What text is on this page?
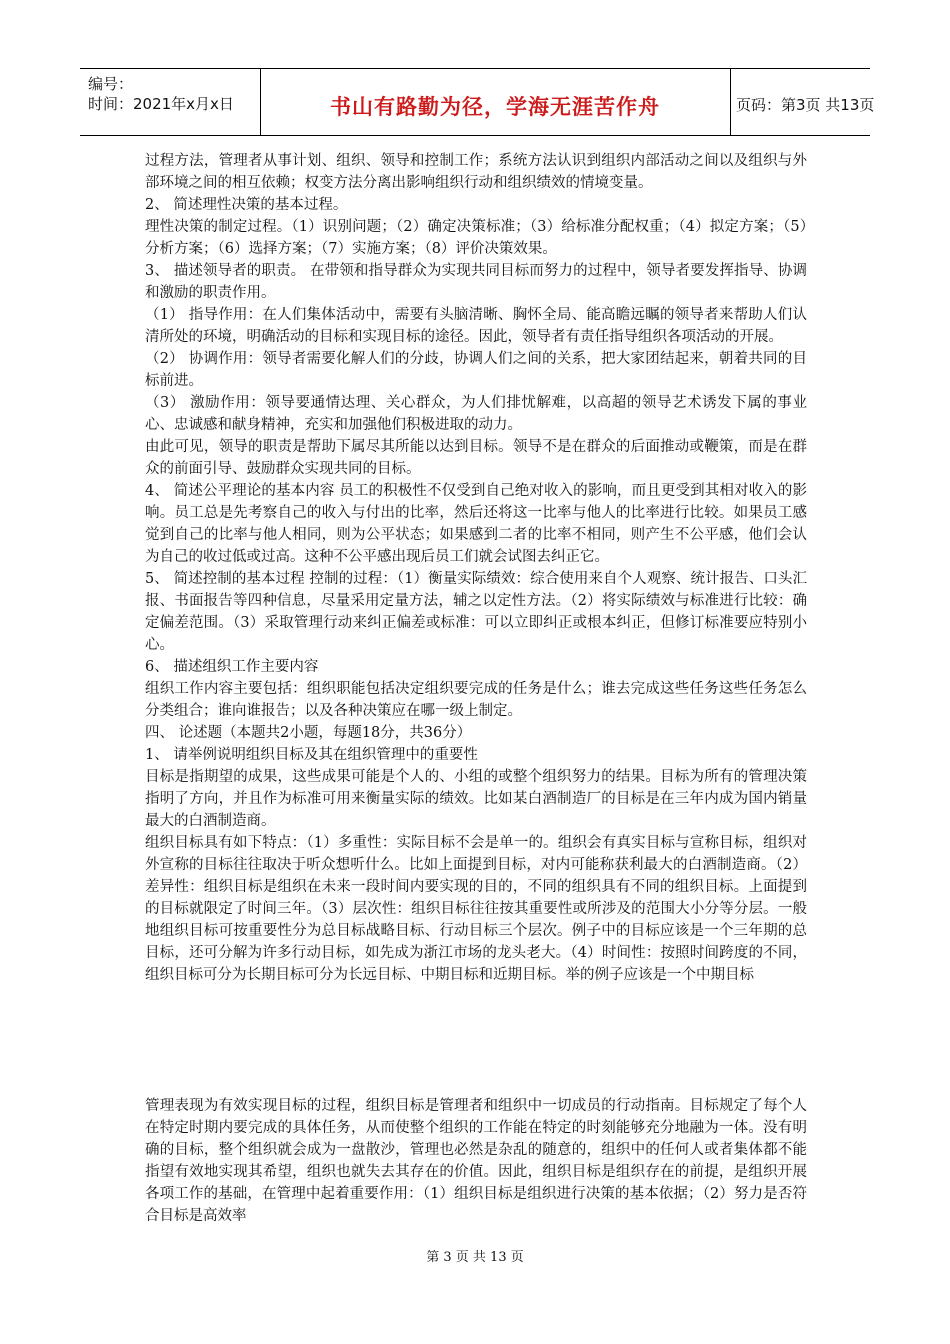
编号：
时间：2021年x月x日	书山有路勤为径，学海无涯苦作舟	页码：第3页 共13页

过程方法，管理者从事计划、组织、领导和控制工作；系统方法认识到组织内部活动之间以及组织与外部环境之间的相互依赖；权变方法分离出影响组织行动和组织绩效的情境变量。

2、 简述理性决策的基本过程。

理性决策的制定过程。（1）识别问题；（2）确定决策标准；（3）给标准分配权重；（4）拟定方案；（5）分析方案；（6）选择方案；（7）实施方案；（8）评价决策效果。

3、 描述领导者的职责。 在带领和指导群众为实现共同目标而努力的过程中，领导者要发挥指导、协调和激励的职责作用。

（1） 指导作用：在人们集体活动中，需要有头脑清晰、胸怀全局、能高瞻远瞩的领导者来帮助人们认清所处的环境，明确活动的目标和实现目标的途径。因此，领导者有责任指导组织各项活动的开展。

（2） 协调作用：领导者需要化解人们的分歧，协调人们之间的关系，把大家团结起来，朝着共同的目标前进。

（3） 激励作用：领导要通情达理、关心群众，为人们排忧解难，以高超的领导艺术诱发下属的事业心、忠诚感和献身精神，充实和加强他们积极进取的动力。

由此可见，领导的职责是帮助下属尽其所能以达到目标。领导不是在群众的后面推动或鞭策，而是在群众的前面引导、鼓励群众实现共同的目标。

4、 简述公平理论的基本内容 员工的积极性不仅受到自己绝对收入的影响，而且更受到其相对收入的影响。员工总是先考察自己的收入与付出的比率，然后还将这一比率与他人的比率进行比较。如果员工感觉到自己的比率与他人相同，则为公平状态；如果感到二者的比率不相同，则产生不公平感，他们会认为自己的收过低或过高。这种不公平感出现后员工们就会试图去纠正它。

5、 简述控制的基本过程 控制的过程：（1）衡量实际绩效：综合使用来自个人观察、统计报告、口头汇报、书面报告等四种信息，尽量采用定量方法，辅之以定性方法。（2）将实际绩效与标准进行比较：确定偏差范围。（3）采取管理行动来纠正偏差或标准：可以立即纠正或根本纠正，但修订标准要应特别小心。

6、 描述组织工作主要内容

组织工作内容主要包括：组织职能包括决定组织要完成的任务是什么；谁去完成这些任务这些任务怎么分类组合；谁向谁报告；以及各种决策应在哪一级上制定。

四、 论述题（本题共2小题，每题18分，共36分）

1、 请举例说明组织目标及其在组织管理中的重要性

目标是指期望的成果，这些成果可能是个人的、小组的或整个组织努力的结果。目标为所有的管理决策指明了方向，并且作为标准可用来衡量实际的绩效。比如某白酒制造厂的目标是在三年内成为国内销量最大的白酒制造商。

组织目标具有如下特点：（1）多重性：实际目标不会是单一的。组织会有真实目标与宣称目标，组织对外宣称的目标往往取决于听众想听什么。比如上面提到目标，对内可能称获利最大的白酒制造商。（2）差异性：组织目标是组织在未来一段时间内要实现的目的，不同的组织具有不同的组织目标。上面提到的目标就限定了时间三年。（3）层次性：组织目标往往按其重要性或所涉及的范围大小分等分层。一般地组织目标可按重要性分为总目标战略目标、行动目标三个层次。例子中的目标应该是一个三年期的总目标，还可分解为许多行动目标，如先成为浙江市场的龙头老大。（4）时间性：按照时间跨度的不同，组织目标可分为长期目标可分为长远目标、中期目标和近期目标。举的例子应该是一个中期目标

管理表现为有效实现目标的过程，组织目标是管理者和组织中一切成员的行动指南。目标规定了每个人在特定时期内要完成的具体任务，从而使整个组织的工作能在特定的时刻能够充分地融为一体。没有明确的目标，整个组织就会成为一盘散沙，管理也必然是杂乱的随意的，组织中的任何人或者集体都不能指望有效地实现其希望，组织也就失去其存在的价值。因此，组织目标是组织存在的前提，是组织开展各项工作的基础，在管理中起着重要作用：（1）组织目标是组织进行决策的基本依据；（2）努力是否符合目标是高效率

第 3 页 共 13 页
